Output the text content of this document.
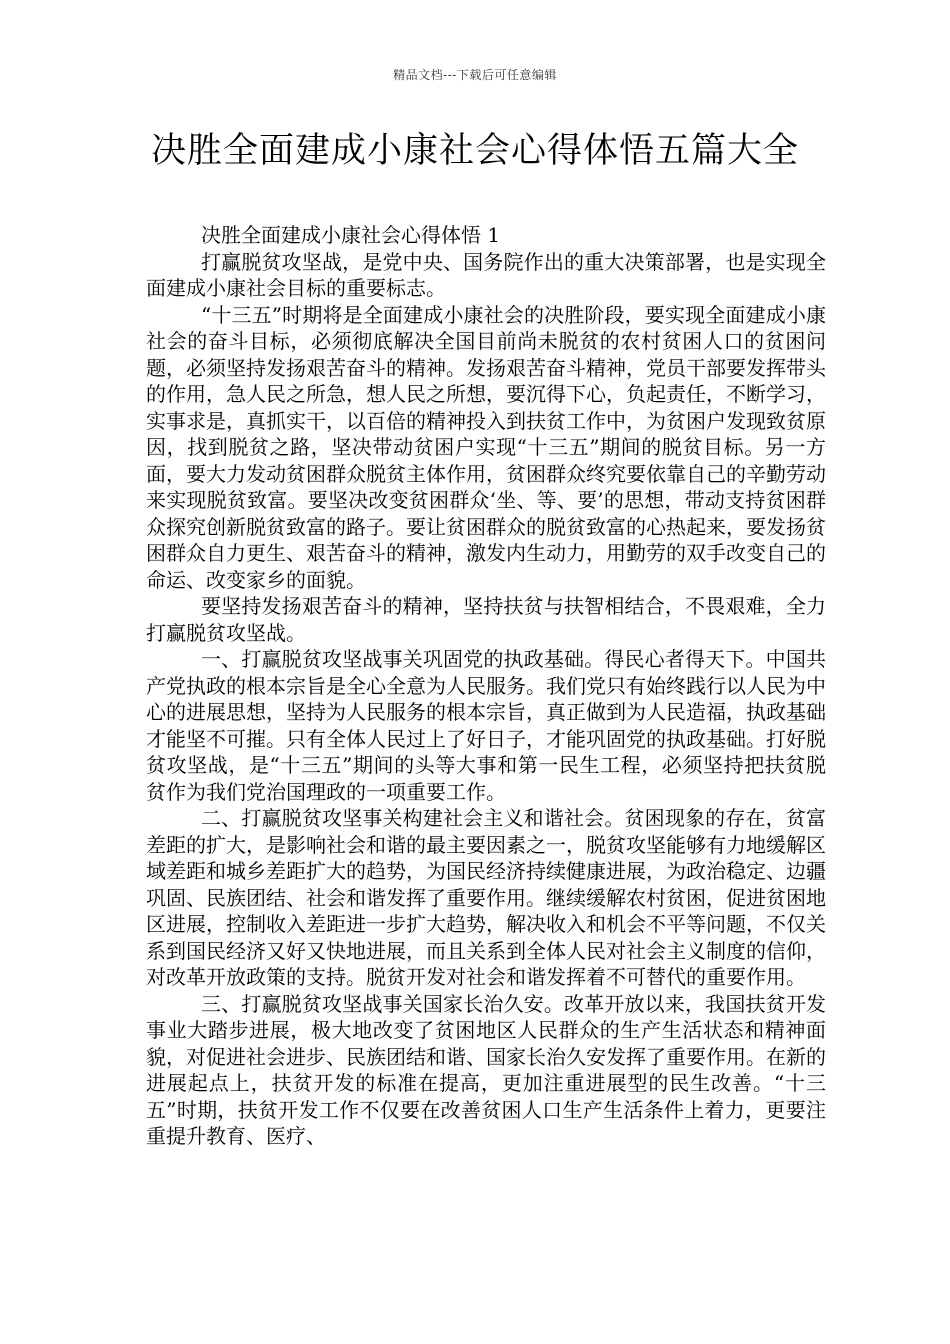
精品文档---下载后可任意编辑
决胜全面建成小康社会心得体悟五篇大全

决胜全面建成小康社会心得体悟 1

打赢脱贫攻坚战，是党中央、国务院作出的重大决策部署，也是实现全面建成小康社会目标的重要标志。

“十三五”时期将是全面建成小康社会的决胜阶段，要实现全面建成小康社会的奋斗目标，必须彻底解决全国目前尚未脱贫的农村贫困人口的贫困问题，必须坚持发扬艰苦奋斗的精神。发扬艰苦奋斗精神，党员干部要发挥带头的作用，急人民之所急，想人民之所想，要沉得下心，负起责任，不断学习，实事求是，真抓实干，以百倍的精神投入到扶贫工作中，为贫困户发现致贫原因，找到脱贫之路，坚决带动贫困户实现“十三五”期间的脱贫目标。另一方面，要大力发动贫困群众脱贫主体作用，贫困群众终究要依靠自己的辛勤劳动来实现脱贫致富。要坚决改变贫困群众‘坐、等、要’的思想，带动支持贫困群众探究创新脱贫致富的路子。要让贫困群众的脱贫致富的心热起来，要发扬贫困群众自力更生、艰苦奋斗的精神，激发内生动力，用勤劳的双手改变自己的命运、改变家乡的面貌。

要坚持发扬艰苦奋斗的精神，坚持扶贫与扶智相结合，不畏艰难，全力打赢脱贫攻坚战。

一、打赢脱贫攻坚战事关巩固党的执政基础。得民心者得天下。中国共产党执政的根本宗旨是全心全意为人民服务。我们党只有始终践行以人民为中心的进展思想，坚持为人民服务的根本宗旨，真正做到为人民造福，执政基础才能坚不可摧。只有全体人民过上了好日子，才能巩固党的执政基础。打好脱贫攻坚战，是“十三五”期间的头等大事和第一民生工程，必须坚持把扶贫脱贫作为我们党治国理政的一项重要工作。

二、打赢脱贫攻坚事关构建社会主义和谐社会。贫困现象的存在，贫富差距的扩大，是影响社会和谐的最主要因素之一，脱贫攻坚能够有力地缓解区域差距和城乡差距扩大的趋势，为国民经济持续健康进展，为政治稳定、边疆巩固、民族团结、社会和谐发挥了重要作用。继续缓解农村贫困，促进贫困地区进展，控制收入差距进一步扩大趋势，解决收入和机会不平等问题，不仅关系到国民经济又好又快地进展，而且关系到全体人民对社会主义制度的信仰，对改革开放政策的支持。脱贫开发对社会和谐发挥着不可替代的重要作用。

三、打赢脱贫攻坚战事关国家长治久安。改革开放以来，我国扶贫开发事业大踏步进展，极大地改变了贫困地区人民群众的生产生活状态和精神面貌，对促进社会进步、民族团结和谐、国家长治久安发挥了重要作用。在新的进展起点上，扶贫开发的标准在提高，更加注重进展型的民生改善。“十三五”时期，扶贫开发工作不仅要在改善贫困人口生产生活条件上着力，更要注重提升教育、医疗、
